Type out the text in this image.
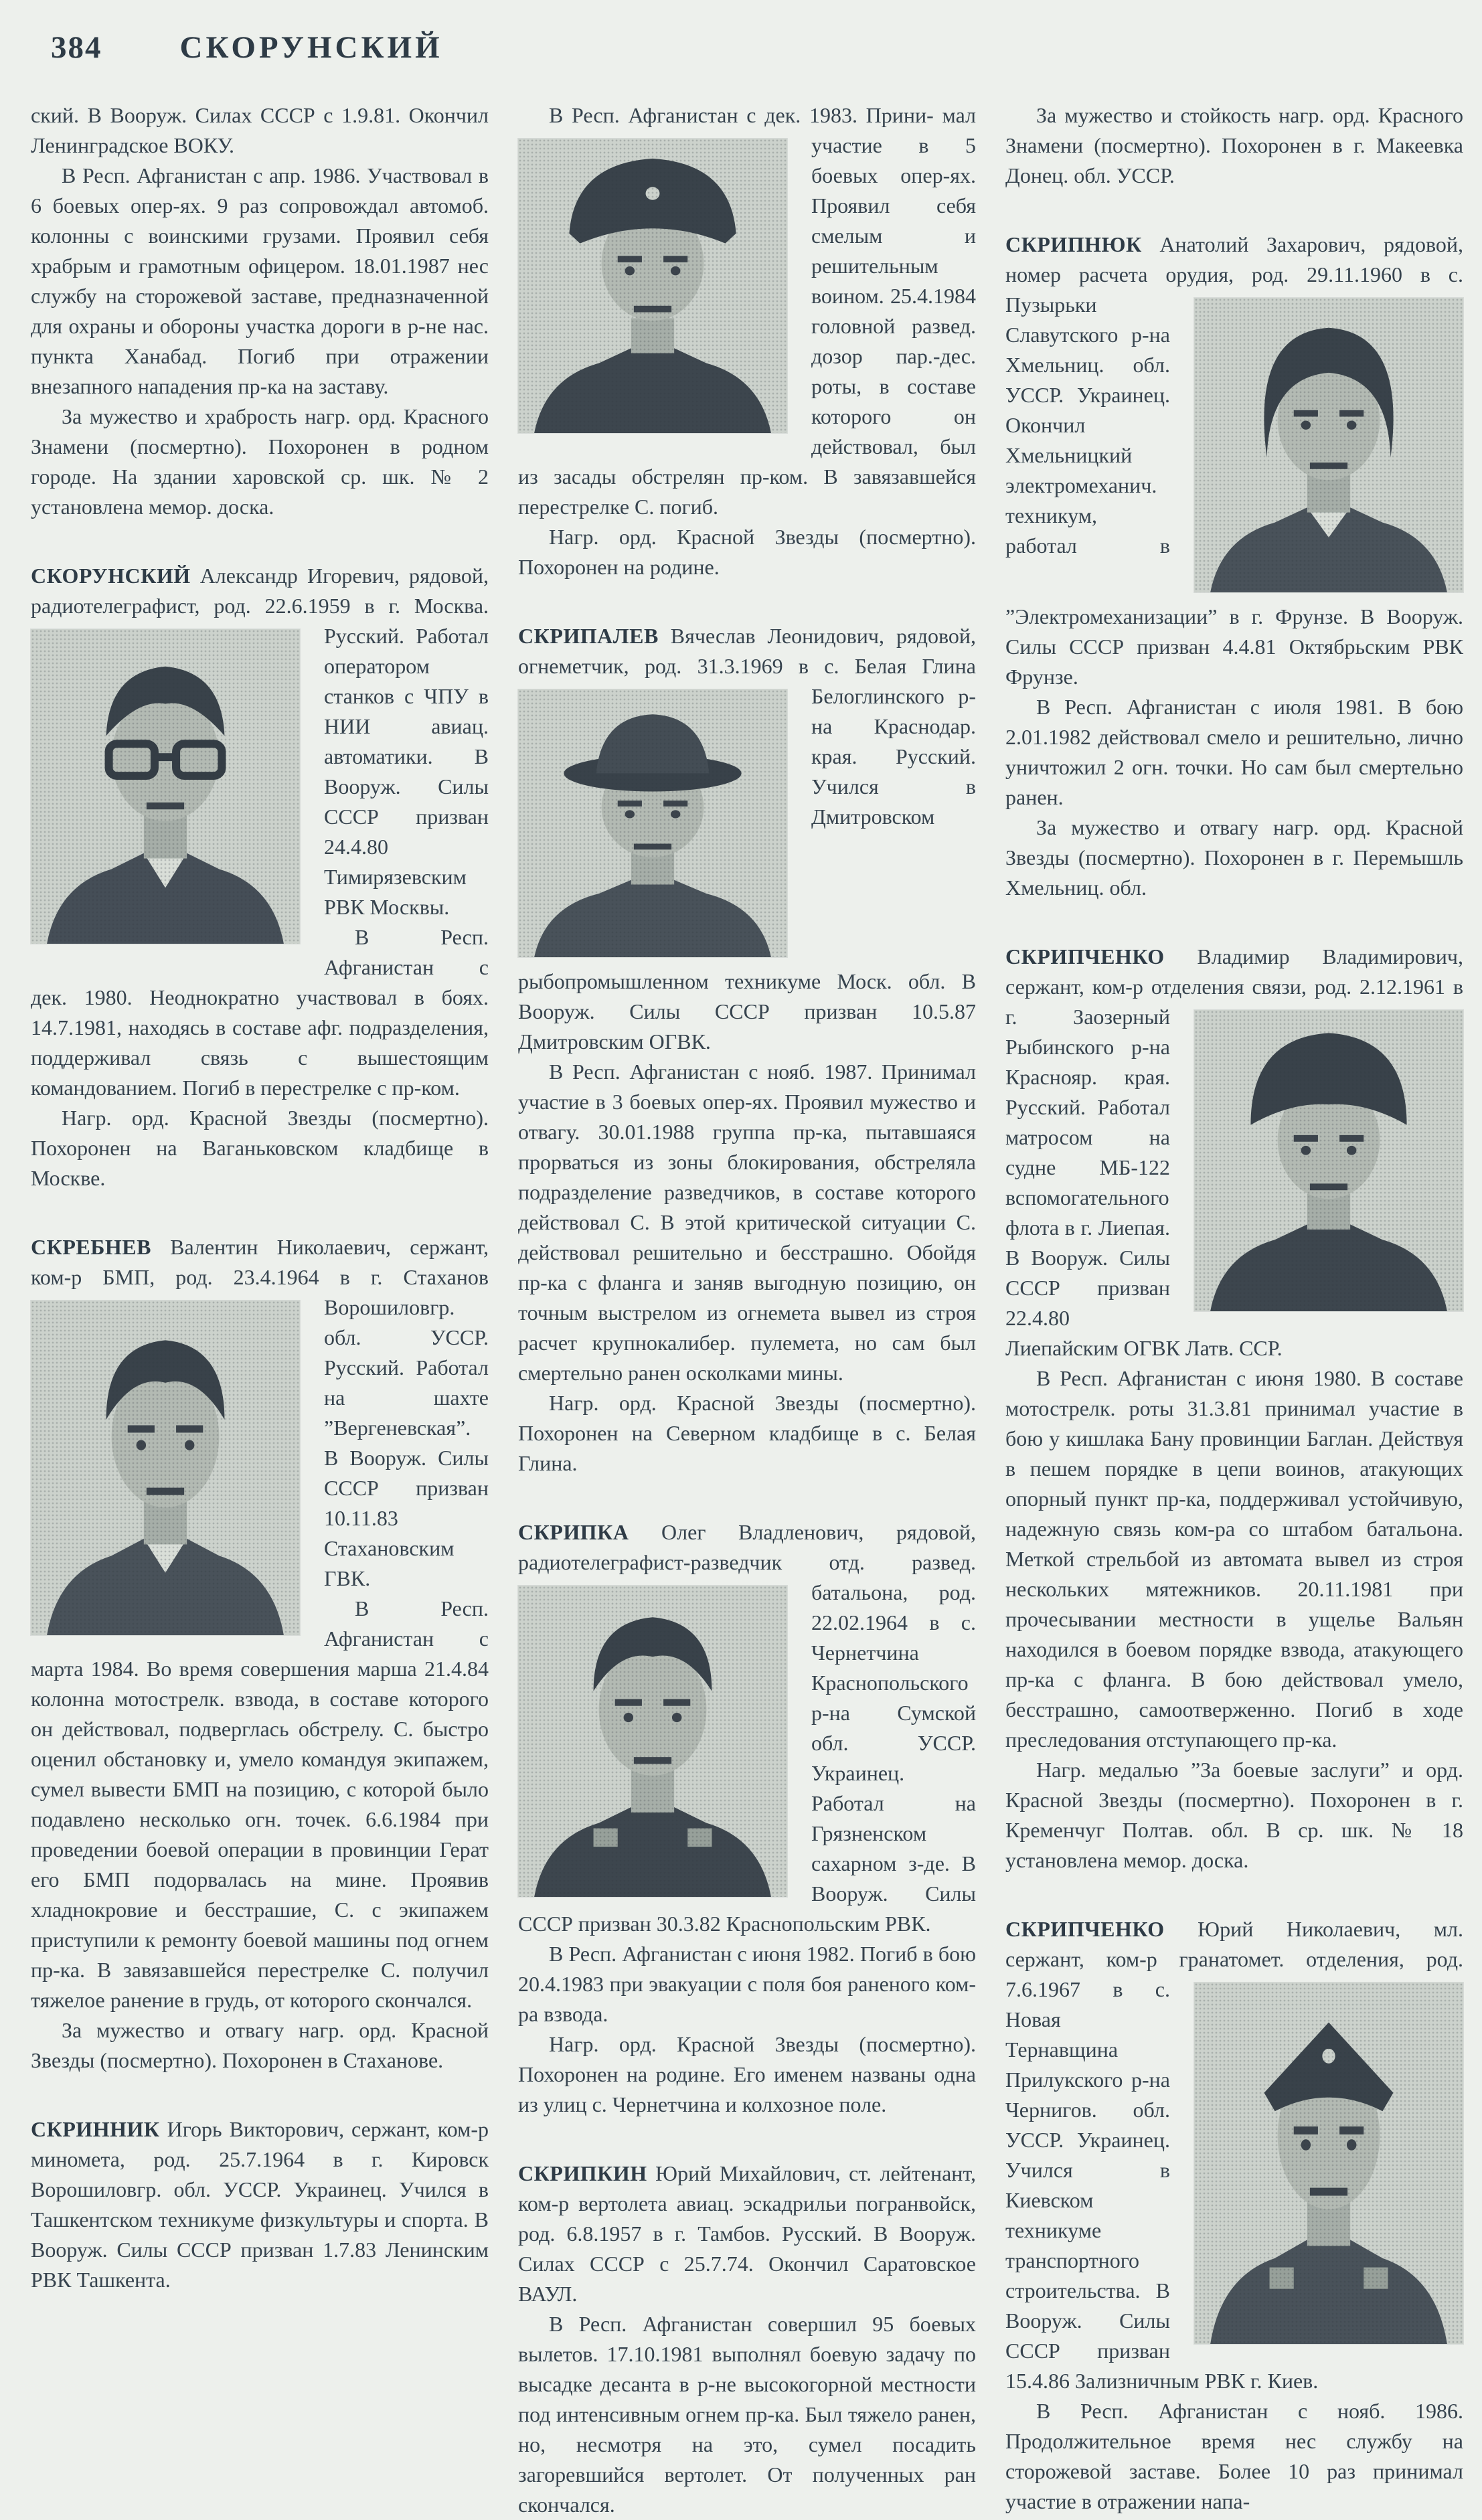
384 СКОРУНСКИЙ

ский. В Вооруж. Силах СССР с 1.9.81. Окончил Ленинградское ВОКУ.

В Респ. Афганистан с апр. 1986. Участвовал в 6 боевых опер-ях. 9 раз сопровождал автомоб. колонны с воинскими грузами. Проявил себя храбрым и грамотным офицером. 18.01.1987 нес службу на сторожевой заставе, предназначенной для охраны и обороны участка дороги в р-не нас. пункта Ханабад. Погиб при отражении внезапного нападения пр-ка на заставу.

За мужество и храбрость нагр. орд. Красного Знамени (посмертно). Похоронен в родном городе. На здании харовской ср. шк. № 2 установлена мемор. доска.

СКОРУНСКИЙ Александр Игоревич, рядовой, радиотелеграфист, род. 22.6.1959 в г. Москва. Русский. Работал оператором станков с ЧПУ в НИИ авиац. автоматики. В Вооруж. Силы СССР призван 24.4.80 Тимирязевским РВК Москвы.

В Респ. Афганистан с дек. 1980. Неоднократно участвовал в боях. 14.7.1981, находясь в составе афг. подразделения, поддерживал связь с вышестоящим командованием. Погиб в перестрелке с пр-ком.

Нагр. орд. Красной Звезды (посмертно). Похоронен на Ваганьковском кладбище в Москве.

СКРЕБНЕВ Валентин Николаевич, сержант, ком-р БМП, род. 23.4.1964 в г. Стаханов Ворошиловгр. обл. УССР. Русский. Работал на шахте ”Вергеневская”. В Вооруж. Силы СССР призван 10.11.83 Стахановским ГВК.

В Респ. Афганистан с марта 1984. Во время совершения марша 21.4.84 колонна мотострелк. взвода, в составе которого он действовал, подверглась обстрелу. С. быстро оценил обстановку и, умело командуя экипажем, сумел вывести БМП на позицию, с которой было подавлено несколько огн. точек. 6.6.1984 при проведении боевой операции в провинции Герат его БМП подорвалась на мине. Проявив хладнокровие и бесстрашие, С. с экипажем приступили к ремонту боевой машины под огнем пр-ка. В завязавшейся перестрелке С. получил тяжелое ранение в грудь, от которого скончался.

За мужество и отвагу нагр. орд. Красной Звезды (посмертно). Похоронен в Стаханове.

СКРИННИК Игорь Викторович, сержант, ком-р миномета, род. 25.7.1964 в г. Кировск Ворошиловгр. обл. УССР. Украинец. Учился в Ташкентском техникуме физкультуры и спорта. В Вооруж. Силы СССР призван 1.7.83 Ленинским РВК Ташкента.

В Респ. Афганистан с дек. 1983. Прини- мал участие в 5 боевых опер-ях. Проявил себя смелым и решительным воином. 25.4.1984 головной развед. дозор пар.-дес. роты, в составе которого он действовал, был из засады обстрелян пр-ком. В завязавшейся перестрелке С. погиб.

Нагр. орд. Красной Звезды (посмертно). Похоронен на родине.

СКРИПАЛЕВ Вячеслав Леонидович, рядовой, огнеметчик, род. 31.3.1969 в с. Белая Глина Белоглинского р-на Краснодар. края. Русский. Учился в Дмитровском рыбопромышленном техникуме Моск. обл. В Вооруж. Силы СССР призван 10.5.87 Дмитровским ОГВК.

В Респ. Афганистан с нояб. 1987. Принимал участие в 3 боевых опер-ях. Проявил мужество и отвагу. 30.01.1988 группа пр-ка, пытавшаяся прорваться из зоны блокирования, обстреляла подразделение разведчиков, в составе которого действовал С. В этой критической ситуации С. действовал решительно и бесстрашно. Обойдя пр-ка с фланга и заняв выгодную позицию, он точным выстрелом из огнемета вывел из строя расчет крупнокалибер. пулемета, но сам был смертельно ранен осколками мины.

Нагр. орд. Красной Звезды (посмертно). Похоронен на Северном кладбище в с. Белая Глина.

СКРИПКА Олег Владленович, рядовой, радиотелеграфист-разведчик отд. развед.
батальона, род. 22.02.1964 в с. Чернетчина Краснопольского р-на Сумской обл. УССР. Украинец. Работал на Грязненском сахарном з-де. В Вооруж. Силы СССР призван 30.3.82 Краснопольским РВК.

В Респ. Афганистан с июня 1982. Погиб в бою 20.4.1983 при эвакуации с поля боя раненого ком-ра взвода.

Нагр. орд. Красной Звезды (посмертно). Похоронен на родине. Его именем названы одна из улиц с. Чернетчина и колхозное поле.

СКРИПКИН Юрий Михайлович, ст. лейтенант, ком-р вертолета авиац. эскадрильи погранвойск, род. 6.8.1957 в г. Тамбов. Русский. В Вооруж. Силах СССР с 25.7.74. Окончил Саратовское ВАУЛ.

В Респ. Афганистан совершил 95 боевых вылетов. 17.10.1981 выполнял боевую задачу по высадке десанта в р-не высокогорной местности под интенсивным огнем пр-ка. Был тяжело ранен, но, несмотря на это, сумел посадить загоревшийся вертолет. От полученных ран скончался.

За мужество и стойкость нагр. орд. Красного Знамени (посмертно). Похоронен в г. Макеевка Донец. обл. УССР.

СКРИПНЮК Анатолий Захарович, рядовой, номер расчета орудия, род. 29.11.1960 в с. Пузырьки Славутского р-на Хмельниц. обл. УССР. Украинец. Окончил Хмельницкий электромеханич. техникум, работал в ”Электромеханизации” в г. Фрунзе. В Вооруж. Силы СССР призван 4.4.81 Октябрьским РВК Фрунзе.

В Респ. Афганистан с июля 1981. В бою 2.01.1982 действовал смело и решительно, лично уничтожил 2 огн. точки. Но сам был смертельно ранен.

За мужество и отвагу нагр. орд. Красной Звезды (посмертно). Похоронен в г. Перемышль Хмельниц. обл.

СКРИПЧЕНКО Владимир Владимирович, сержант, ком-р отделения связи, род. 2.12.1961 в г. Заозерный Рыбинского р-на Краснояр. края. Русский. Работал матросом на судне МБ-122 вспомогательного флота в г. Лиепая. В Вооруж. Силы СССР призван 22.4.80 Лиепайским ОГВК Латв. ССР.

В Респ. Афганистан с июня 1980. В составе мотострелк. роты 31.3.81 принимал участие в бою у кишлака Бану провинции Баглан. Действуя в пешем порядке в цепи воинов, атакующих опорный пункт пр-ка, поддерживал устойчивую, надежную связь ком-ра со штабом батальона. Меткой стрельбой из автомата вывел из строя нескольких мятежников. 20.11.1981 при прочесывании местности в ущелье Вальян находился в боевом порядке взвода, атакующего пр-ка с фланга. В бою действовал умело, бесстрашно, самоотверженно. Погиб в ходе преследования отступающего пр-ка.

Нагр. медалью ”За боевые заслуги” и орд. Красной Звезды (посмертно). Похоронен в г. Кременчуг Полтав. обл. В ср. шк. № 18 установлена мемор. доска.

СКРИПЧЕНКО Юрий Николаевич, мл. сержант, ком-р гранатомет. отделения, род. 7.6.1967 в с. Новая Тернавщина Прилукского р-на Чернигов. обл. УССР. Украинец. Учился в Киевском техникуме транспортного строительства. В Вооруж. Силы СССР призван 15.4.86 Зализничным РВК г. Киев.

В Респ. Афганистан с нояб. 1986. Продолжительное время нес службу на сторожевой заставе. Более 10 раз принимал участие в отражении напа-
